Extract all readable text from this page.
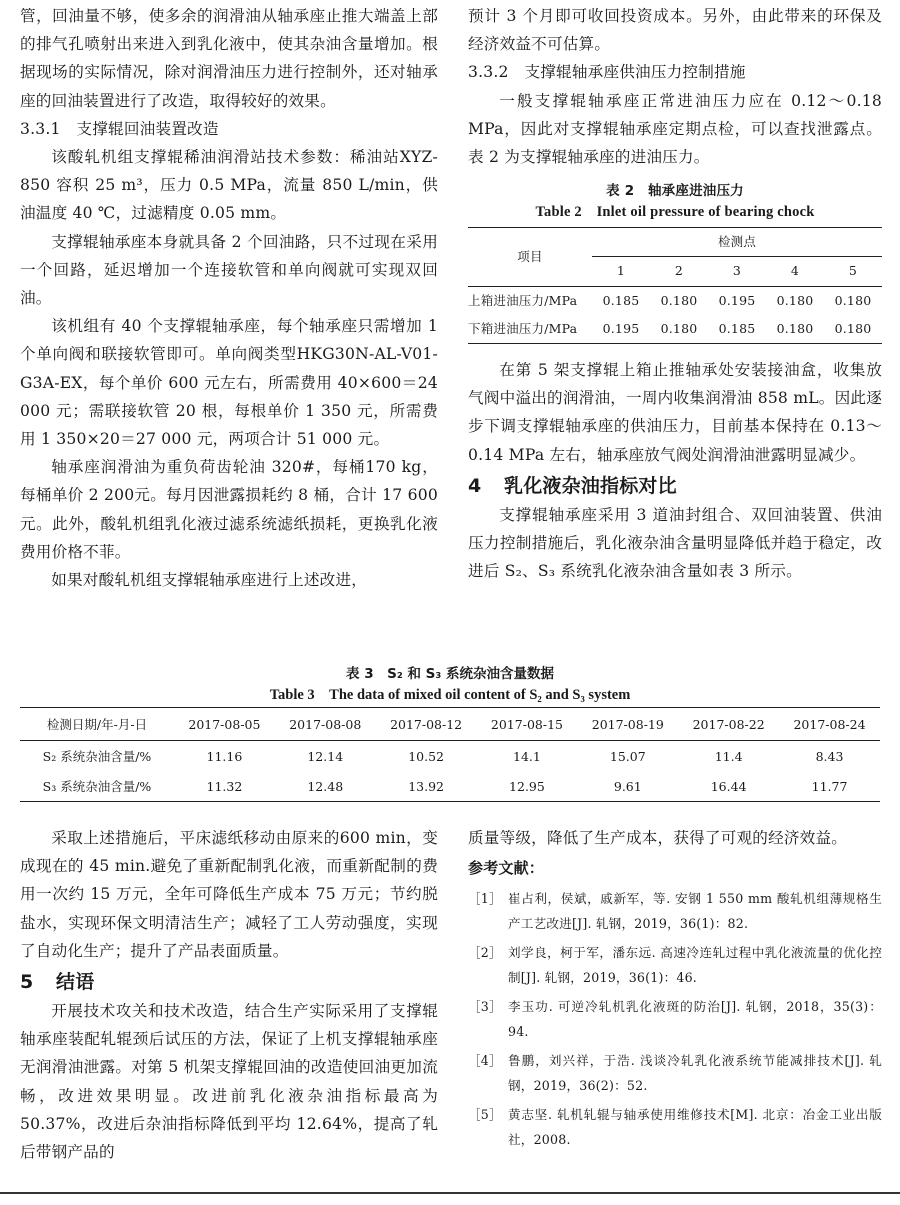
管，回油量不够，使多余的润滑油从轴承座止推大端盖上部的排气孔喷射出来进入到乳化液中，使其杂油含量增加。根据现场的实际情况，除对润滑油压力进行控制外，还对轴承座的回油装置进行了改造，取得较好的效果。

3.3.1　支撑辊回油装置改造

该酸轧机组支撑辊稀油润滑站技术参数：稀油站XYZ-850 容积 25 m³，压力 0.5 MPa，流量 850 L/min，供油温度 40 ℃，过滤精度 0.05 mm。

支撑辊轴承座本身就具备 2 个回油路，只不过现在采用一个回路，延迟增加一个连接软管和单向阀就可实现双回油。

该机组有 40 个支撑辊轴承座，每个轴承座只需增加 1 个单向阀和联接软管即可。单向阀类型HKG30N-AL-V01-G3A-EX，每个单价 600 元左右，所需费用 40×600＝24 000 元；需联接软管 20 根，每根单价 1 350 元，所需费用 1 350×20＝27 000 元，两项合计 51 000 元。

轴承座润滑油为重负荷齿轮油 320#，每桶170 kg，每桶单价 2 200元。每月因泄露损耗约 8 桶，合计 17 600 元。此外，酸轧机组乳化液过滤系统滤纸损耗，更换乳化液费用价格不菲。

如果对酸轧机组支撑辊轴承座进行上述改进，

预计 3 个月即可收回投资成本。另外，由此带来的环保及经济效益不可估算。

3.3.2　支撑辊轴承座供油压力控制措施

一般支撑辊轴承座正常进油压力应在 0.12～0.18 MPa，因此对支撑辊轴承座定期点检，可以查找泄露点。表 2 为支撑辊轴承座的进油压力。

表 2　轴承座进油压力
Table 2　Inlet oil pressure of bearing chock
项目	检测点				
	1	2	3	4	5
上箱进油压力/MPa	0.185	0.180	0.195	0.180	0.180
下箱进油压力/MPa	0.195	0.180	0.185	0.180	0.180

在第 5 架支撑辊上箱止推轴承处安装接油盒，收集放气阀中溢出的润滑油，一周内收集润滑油 858 mL。因此逐步下调支撑辊轴承座的供油压力，目前基本保持在 0.13～0.14 MPa 左右，轴承座放气阀处润滑油泄露明显减少。

4 乳化液杂油指标对比

支撑辊轴承座采用 3 道油封组合、双回油装置、供油压力控制措施后，乳化液杂油含量明显降低并趋于稳定，改进后 S₂、S₃ 系统乳化液杂油含量如表 3 所示。

表 3　S₂ 和 S₃ 系统杂油含量数据
Table 3　The data of mixed oil content of S₂ and S₃ system
检测日期/年-月-日	2017-08-05	2017-08-08	2017-08-12	2017-08-15	2017-08-19	2017-08-22	2017-08-24
S₂ 系统杂油含量/%	11.16	12.14	10.52	14.1	15.07	11.4	8.43
S₃ 系统杂油含量/%	11.32	12.48	13.92	12.95	9.61	16.44	11.77

采取上述措施后，平床滤纸移动由原来的600 min，变成现在的 45 min.避免了重新配制乳化液，而重新配制的费用一次约 15 万元，全年可降低生产成本 75 万元；节约脱盐水，实现环保文明清洁生产；减轻了工人劳动强度，实现了自动化生产；提升了产品表面质量。

5 结语

开展技术攻关和技术改造，结合生产实际采用了支撑辊轴承座装配轧辊颈后试压的方法，保证了上机支撑辊轴承座无润滑油泄露。对第 5 机架支撑辊回油的改造使回油更加流畅，改进效果明显。改进前乳化液杂油指标最高为 50.37%，改进后杂油指标降低到平均 12.64%，提高了轧后带钢产品的

质量等级，降低了生产成本，获得了可观的经济效益。

参考文献：
［1］ 崔占利，侯斌，戚新军，等. 安钢 1 550 mm 酸轧机组薄规格生产工艺改进[J]. 轧钢，2019，36(1)：82.
［2］ 刘学良，柯于军，潘东远. 高速冷连轧过程中乳化液流量的优化控制[J]. 轧钢，2019，36(1)：46.
［3］ 李玉功. 可逆冷轧机乳化液斑的防治[J]. 轧钢，2018，35(3)：94.
［4］ 鲁鹏，刘兴祥，于浩. 浅谈冷轧乳化液系统节能减排技术[J]. 轧钢，2019，36(2)：52.
［5］ 黄志坚. 轧机轧辊与轴承使用维修技术[M]. 北京：冶金工业出版社，2008.
